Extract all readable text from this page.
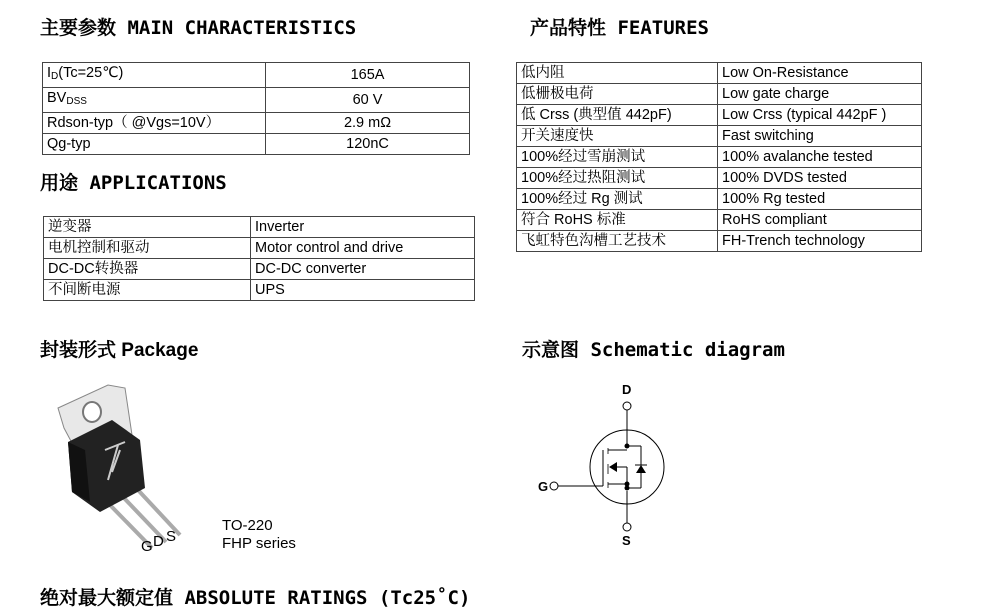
主要参数 MAIN CHARACTERISTICS
$I_D(Tc=25℃)$	165A
$BV_{DSS}$	60 V
Rdson-typ（ @Vgs=10V）	2.9 mΩ
Qg-typ	120nC
产品特性 FEATURES
低内阻	Low On-Resistance
低栅极电荷	Low gate charge
低 Crss (典型值 442pF)	Low Crss (typical 442pF )
开关速度快	Fast switching
100%经过雪崩测试	100% avalanche tested
100%经过热阻测试	100% DVDS tested
100%经过 Rg 测试	100% Rg tested
符合 RoHS 标准	RoHS compliant
飞虹特色沟槽工艺技术	FH-Trench technology
用途 APPLICATIONS
逆变器	Inverter
电机控制和驱动	Motor control and drive
DC-DC转换器	DC-DC converter
不间断电源	UPS
封装形式 Package
G D S
TO-220
FHP series
示意图 Schematic diagram
D
G
S
绝对最大额定值 ABSOLUTE RATINGS (Tc25˚C)
